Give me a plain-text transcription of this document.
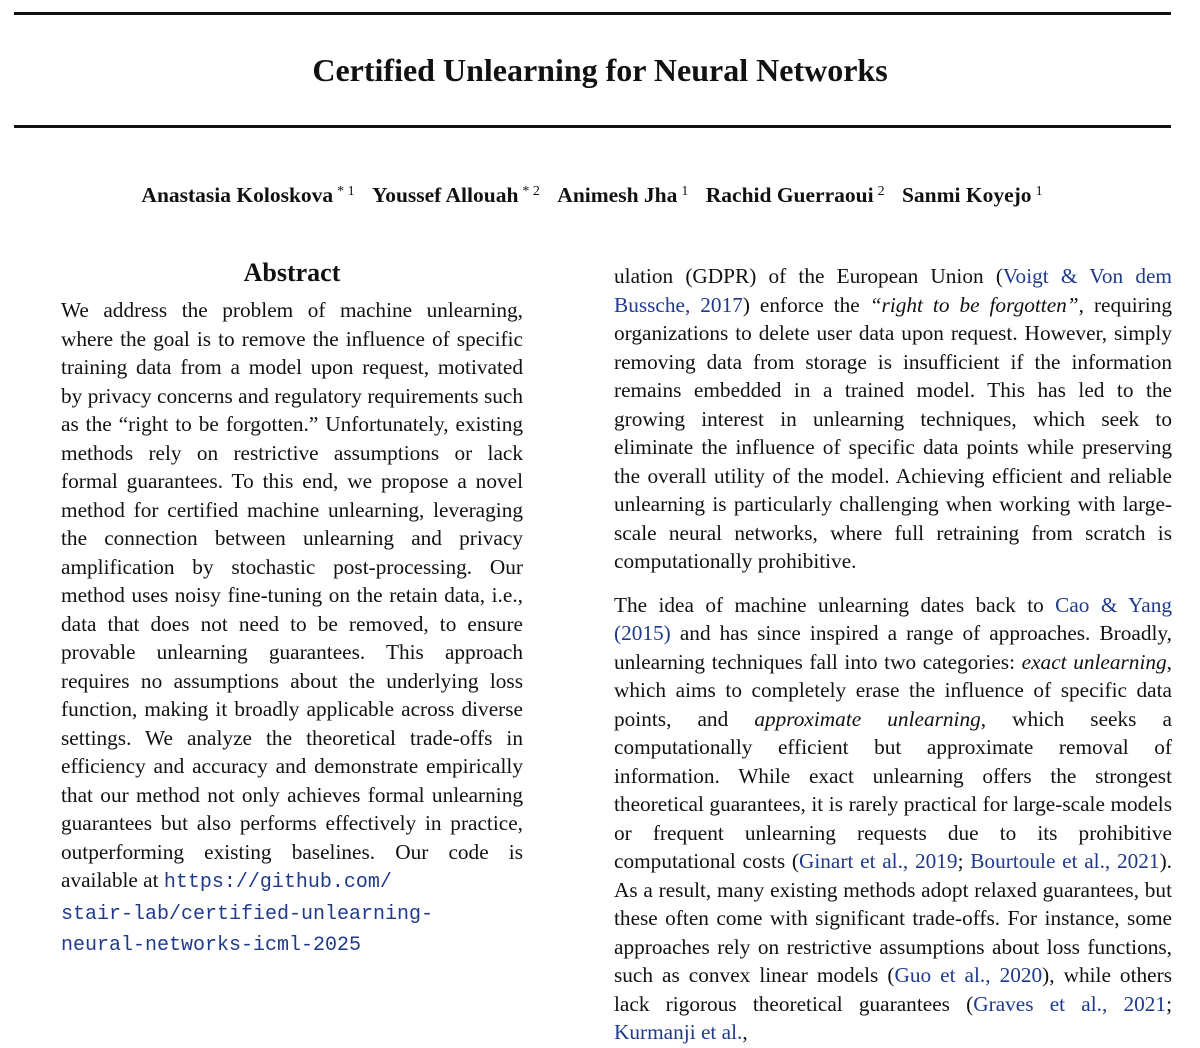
Certified Unlearning for Neural Networks
Anastasia Koloskova $^{* 1}$ Youssef Allouah $^{* 2}$ Animesh Jha $^1$ Rachid Guerraoui $^2$ Sanmi Koyejo $^1$
Abstract
We address the problem of machine unlearning, where the goal is to remove the influence of specific training data from a model upon request, motivated by privacy concerns and regulatory requirements such as the “right to be forgotten.” Unfortunately, existing methods rely on restrictive assumptions or lack formal guarantees. To this end, we propose a novel method for certified machine unlearning, leveraging the connection between unlearning and privacy amplification by stochastic post-processing. Our method uses noisy fine-tuning on the retain data, i.e., data that does not need to be removed, to ensure provable unlearning guarantees. This approach requires no assumptions about the underlying loss function, making it broadly applicable across diverse settings. We analyze the theoretical trade-offs in efficiency and accuracy and demonstrate empirically that our method not only achieves formal unlearning guarantees but also performs effectively in practice, outperforming existing baselines. Our code is available at https://github.com/
stair-lab/certified-unlearning-
neural-networks-icml-2025

ulation (GDPR) of the European Union (Voigt & Von dem Bussche, 2017) enforce the “right to be forgotten”, requiring organizations to delete user data upon request. However, simply removing data from storage is insufficient if the information remains embedded in a trained model. This has led to the growing interest in unlearning techniques, which seek to eliminate the influence of specific data points while preserving the overall utility of the model. Achieving efficient and reliable unlearning is particularly challenging when working with large-scale neural networks, where full retraining from scratch is computationally prohibitive.

The idea of machine unlearning dates back to Cao & Yang (2015) and has since inspired a range of approaches. Broadly, unlearning techniques fall into two categories: exact unlearning, which aims to completely erase the influence of specific data points, and approximate unlearning, which seeks a computationally efficient but approximate removal of information. While exact unlearning offers the strongest theoretical guarantees, it is rarely practical for large-scale models or frequent unlearning requests due to its prohibitive computational costs (Ginart et al., 2019; Bourtoule et al., 2021). As a result, many existing methods adopt relaxed guarantees, but these often come with significant trade-offs. For instance, some approaches rely on restrictive assumptions about loss functions, such as convex linear models (Guo et al., 2020), while others lack rigorous theoretical guarantees (Graves et al., 2021; Kurmanji et al.,
